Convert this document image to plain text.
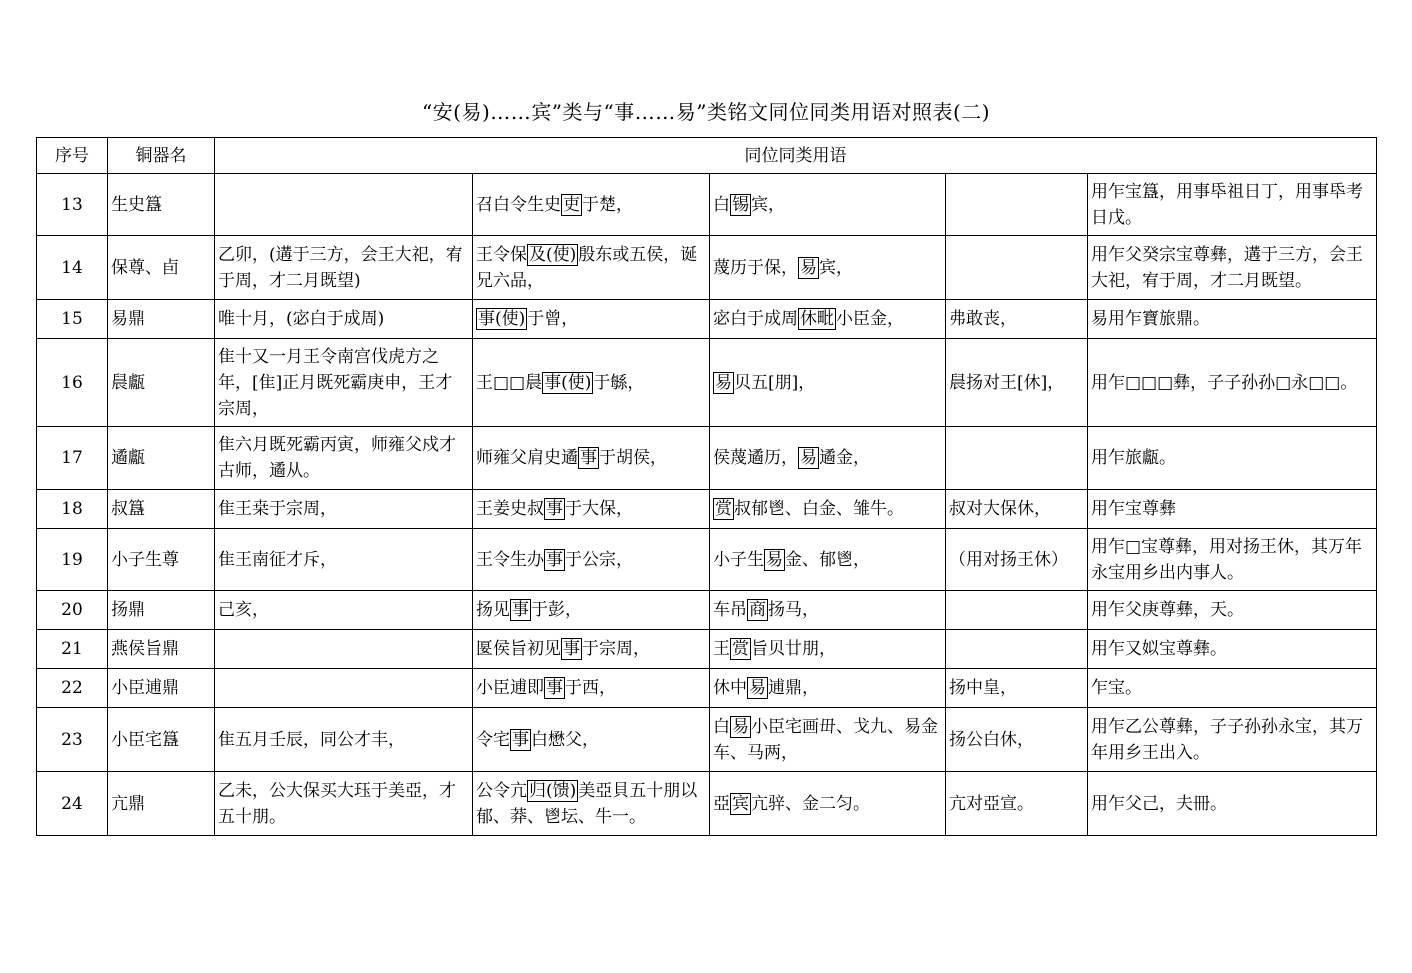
“安(易)……宾”类与“事……易”类铭文同位同类用语对照表(二)
序号	铜器名	同位同类用语				
13	生史簋		召白令生史 吏 于楚，	白 锡 宾，		用乍宝簋，用事氒祖日丁，用事氒考日戊。
14	保尊、卣	乙卯，(遘于三方，会王大祀，宥于周，才二月既望)	王令保 及(使) 殷东或五侯，诞兄六品，	蔑历于保， 易 宾，		用乍父癸宗宝尊彝，遘于三方，会王大祀，宥于周，才二月既望。
15	易鼎	唯十月，(宓白于成周)	事(使) 于曾，	宓白于成周 休毗 小臣金，	弗敢丧，	易用乍寶旅鼎。
16	䢅甗	隹十又一月王令南宫伐虎方之年，[隹]正月既死霸庚申，王才宗周，	王□□䢅 事(使) 于緐，	易 贝五[朋]，	䢅扬对王[休]，	用乍□□□彝，子子孙孙□永□□。
17	遹甗	隹六月既死霸丙寅，师雍父戍才古师，遹从。	师雍父肩史遹 事 于胡侯，	侯蔑遹历， 易 遹金，		用乍旅甗。
18	叔簋	隹王桒于宗周，	王姜史叔 事 于大保，	赏 叔郁鬯、白金、雏牛。	叔对大保休，	用乍宝尊彝
19	小子生尊	隹王南征才斥，	王令生办 事 于公宗，	小子生 易 金、郁鬯，	（用对扬王休）	用乍□宝尊彝，用对扬王休，其万年永宝用乡出内事人。
20	扬鼎	己亥，	扬见 事 于彭，	车吊 商 扬马，		用乍父庚尊彝，天。
21	燕侯旨鼎		匽侯旨初见 事 于宗周，	王 赏 旨贝廿朋，		用乍又姒宝尊彝。
22	小臣逋鼎		小臣逋即 事 于西，	休中 易 逋鼎，	扬中皇，	乍宝。
23	小臣宅簋	隹五月壬辰，同公才丰，	令宅 事 白懋父，	白 易 小臣宅画毌、戈九、易金车、马两，	扬公白休，	用乍乙公尊彝，子子孙孙永宝，其万年用乡王出入。
24	亢鼎	乙未，公大保买大珏于美亞，才五十朋。	公令亢 归(馈) 美亞貝五十朋以郁、莽、鬯坛、牛一。	亞 宾 亢骍、金二匀。	亢对亞宣。	用乍父己，夫冊。
